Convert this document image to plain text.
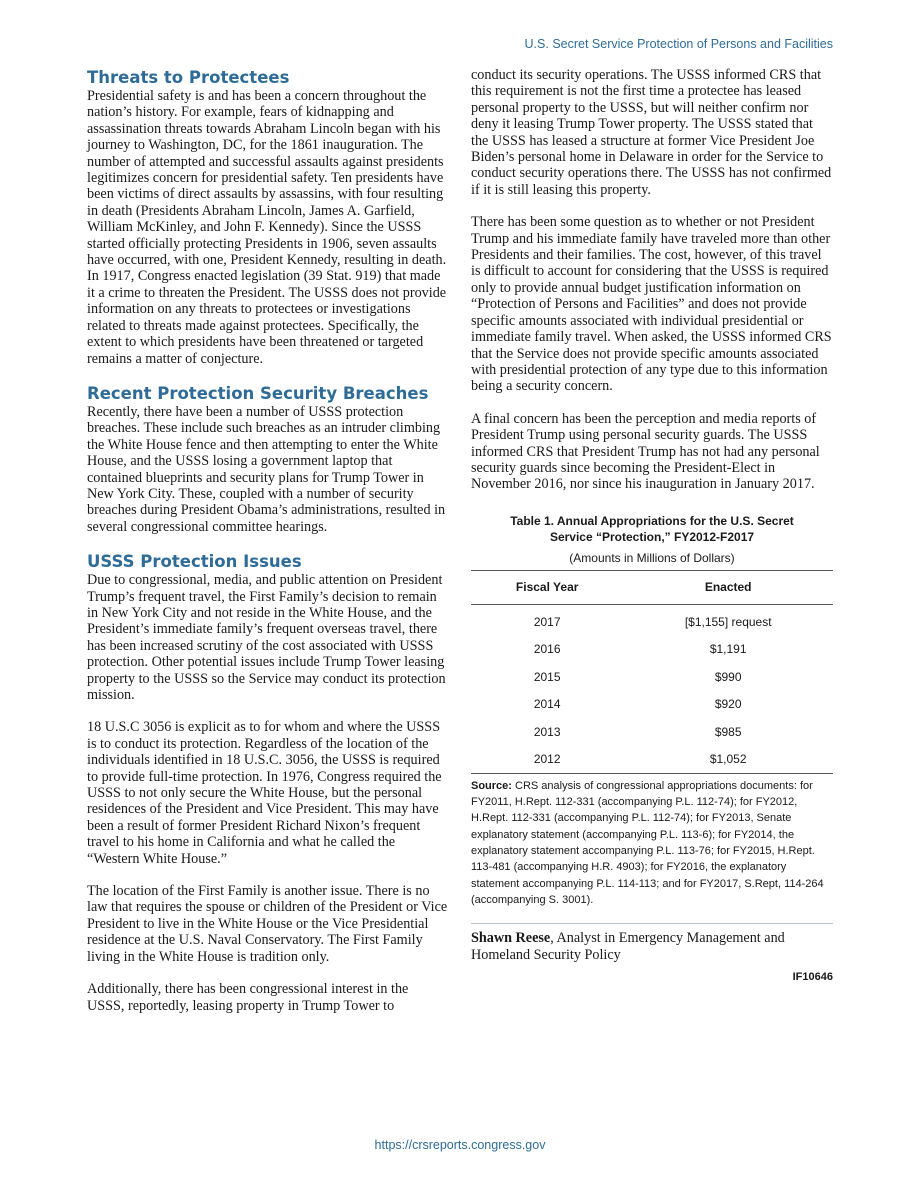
U.S. Secret Service Protection of Persons and Facilities
Threats to Protectees

Presidential safety is and has been a concern throughout the nation’s history. For example, fears of kidnapping and assassination threats towards Abraham Lincoln began with his journey to Washington, DC, for the 1861 inauguration. The number of attempted and successful assaults against presidents legitimizes concern for presidential safety. Ten presidents have been victims of direct assaults by assassins, with four resulting in death (Presidents Abraham Lincoln, James A. Garfield, William McKinley, and John F. Kennedy). Since the USSS started officially protecting Presidents in 1906, seven assaults have occurred, with one, President Kennedy, resulting in death. In 1917, Congress enacted legislation (39 Stat. 919) that made it a crime to threaten the President. The USSS does not provide information on any threats to protectees or investigations related to threats made against protectees. Specifically, the extent to which presidents have been threatened or targeted remains a matter of conjecture.

Recent Protection Security Breaches

Recently, there have been a number of USSS protection breaches. These include such breaches as an intruder climbing the White House fence and then attempting to enter the White House, and the USSS losing a government laptop that contained blueprints and security plans for Trump Tower in New York City. These, coupled with a number of security breaches during President Obama’s administrations, resulted in several congressional committee hearings.

USSS Protection Issues

Due to congressional, media, and public attention on President Trump’s frequent travel, the First Family’s decision to remain in New York City and not reside in the White House, and the President’s immediate family’s frequent overseas travel, there has been increased scrutiny of the cost associated with USSS protection. Other potential issues include Trump Tower leasing property to the USSS so the Service may conduct its protection mission.

18 U.S.C 3056 is explicit as to for whom and where the USSS is to conduct its protection. Regardless of the location of the individuals identified in 18 U.S.C. 3056, the USSS is required to provide full-time protection. In 1976, Congress required the USSS to not only secure the White House, but the personal residences of the President and Vice President. This may have been a result of former President Richard Nixon’s frequent travel to his home in California and what he called the “Western White House.”

The location of the First Family is another issue. There is no law that requires the spouse or children of the President or Vice President to live in the White House or the Vice Presidential residence at the U.S. Naval Conservatory. The First Family living in the White House is tradition only.

Additionally, there has been congressional interest in the USSS, reportedly, leasing property in Trump Tower to

conduct its security operations. The USSS informed CRS that this requirement is not the first time a protectee has leased personal property to the USSS, but will neither confirm nor deny it leasing Trump Tower property. The USSS stated that the USSS has leased a structure at former Vice President Joe Biden’s personal home in Delaware in order for the Service to conduct security operations there. The USSS has not confirmed if it is still leasing this property.

There has been some question as to whether or not President Trump and his immediate family have traveled more than other Presidents and their families. The cost, however, of this travel is difficult to account for considering that the USSS is required only to provide annual budget justification information on “Protection of Persons and Facilities” and does not provide specific amounts associated with individual presidential or immediate family travel. When asked, the USSS informed CRS that the Service does not provide specific amounts associated with presidential protection of any type due to this information being a security concern.

A final concern has been the perception and media reports of President Trump using personal security guards. The USSS informed CRS that President Trump has not had any personal security guards since becoming the President-Elect in November 2016, nor since his inauguration in January 2017.

Table 1. Annual Appropriations for the U.S. Secret
Service “Protection,” FY2012-F2017
(Amounts in Millions of Dollars)
Fiscal Year	Enacted
2017	[$1,155] request
2016	$1,191
2015	$990
2014	$920
2013	$985
2012	$1,052
Source: CRS analysis of congressional appropriations documents: for FY2011, H.Rept. 112-331 (accompanying P.L. 112-74); for FY2012, H.Rept. 112-331 (accompanying P.L. 112-74); for FY2013, Senate explanatory statement (accompanying P.L. 113-6); for FY2014, the explanatory statement accompanying P.L. 113-76; for FY2015, H.Rept. 113-481 (accompanying H.R. 4903); for FY2016, the explanatory statement accompanying P.L. 114-113; and for FY2017, S.Rept, 114-264 (accompanying S. 3001).
Shawn Reese, Analyst in Emergency Management and Homeland Security Policy
IF10646
https://crsreports.congress.gov
